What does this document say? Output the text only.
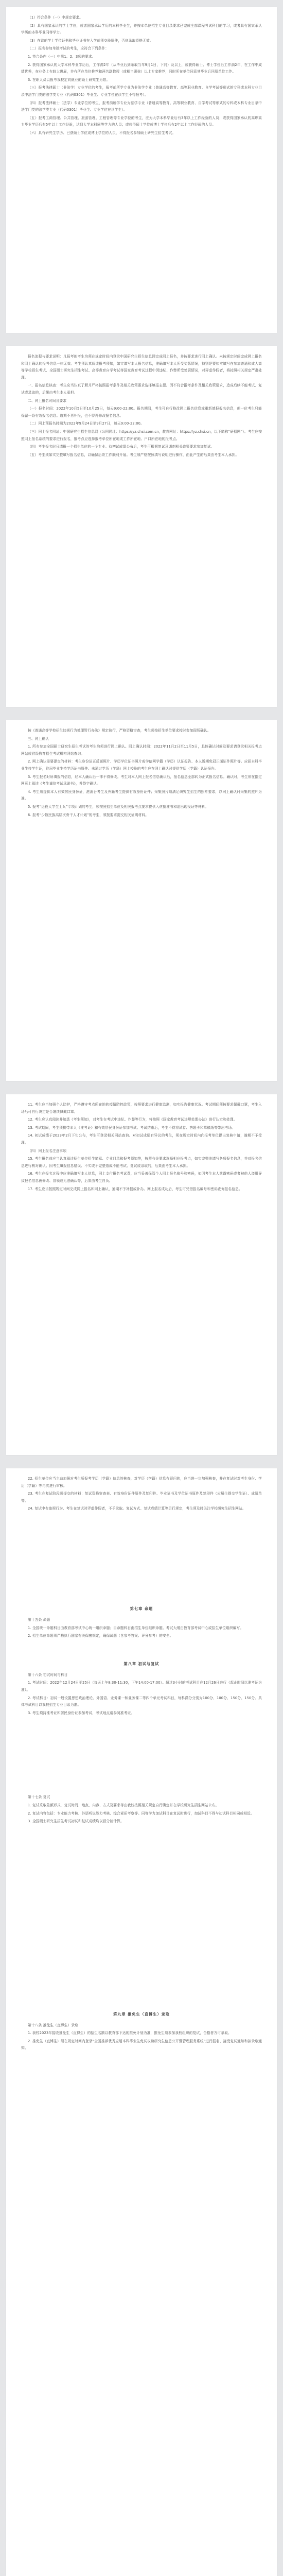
（1）符合条件（一）中规定要求。

（2）具有国家承认的学士学位，或者国家承认学历的本科毕业生，并按本单位招生专业目录要求已完成全部课程考试科目的学习，或者具有国家承认学历的本科毕业同等学力。

（3）在读的学士学位证书和毕业证书在入学前须交验原件，否则录取资格无效。

（二）报名参加单独考试的考生，应符合下列条件：

1. 符合条件（一）中第1、2、3项的要求。

2. 获得国家承认的大学本科毕业学历后，工作满2年（从毕业后到录取当年9月1日，下同）及以上，或获得硕士、博士学位后工作满2年，在工作中成绩优秀，在业务上有较大进展，并有所在单位推荐和两名副教授（或相当职称）以上专家推荐，同时所在单位同意其毕业后回原单位工作。

3. 在职人员以报考我校定向就业的硕士研究生为限。

（三）报考法律硕士（非法学）专业学位的考生，报考前所学专业为非法学专业（普通高等教育、高等职业教育、自学考试等形式的专科或本科专业目录中法学门类的法学类专业（代码0301）毕业生、专业学位在读学生不得报考）。

（四）报考法律硕士（法学）专业学位的考生，报考前所学专业为法学专业（普通高等教育、高等职业教育、自学考试等形式的专科或本科专业目录中法学门类的法学类专业（代码0301）毕业生、专业学位在读学生）。

（五）报考工商管理、公共管理、旅游管理、工程管理等专业学位的考生，应为大学本科毕业后有3年以上工作经验的人员；或获得国家承认的高职高专毕业学历后有5年以上工作经验，达到大学本科同等学力的人员；或获得硕士学位或博士学位后有2年以上工作经验的人员。

（六）具有研究生学历、已获硕士学位或博士学位的人员，不得报名参加硕士研究生招生考试。

报名流程与要求说明：凡报考的考生均须在规定时间内登录中国研究生招生信息网完成网上报名，并按要求进行网上确认。未按规定时间完成网上报名和网上确认的报考信息一律无效。考生须认真阅读报考须知，如实填写本人报名信息，准确填写本人所受奖惩情况，特别是要如实填写在参加普通和成人高等学校招生考试、全国硕士研究生招生考试、高等教育自学考试等国家教育考试过程中因违纪、作弊所受处罚情况，对弄虚作假者，将按照相关规定严肃处理。

一、报名信息核查：考生应当认真了解并严格按照报考条件及相关政策要求选择填报志愿。因不符合报考条件及相关政策要求，造成后续不能考试、复试或录取的，后果由考生本人承担。

二、网上报名时间及要求

（一）报名时间：2022年10月5日至10月25日，每天9:00-22:00。报名期间，考生可自行修改网上报名信息或重新填报报名信息，但一位考生只能保留一条有效报名信息。逾期不再补报，也不得再修改报名信息。

（二）网上预报名时间为2022年9月24日至9月27日，每天9:00-22:00。

（三）网上报名网址：中国研究生招生信息网（公网网址：https://yz.chsi.com.cn，教育网址：https://yz.chsi.cn，以下简称“研招网”）。考生应按照网上报名系统的要求进行报名，报考点应选择报考单位所在地或工作所在地、户口所在地的报考点。

（四）考生报名时只填报一个招生单位的一个专业。待初试成绩公布后，考生可根据复试及调剂相关政策要求参加复试。

（五）考生须如实完整填写报名信息，以确保后续工作顺利开展。考生须严格按照填写说明进行操作，由此产生的后果由考生本人承担。

按《普通高等学校招生违规行为处理暂行办法》规定执行，严格资格审查，考生须按招生单位要求按时参加现场确认。

三、网上确认

1. 所有参加全国硕士研究生招生考试的考生均须进行网上确认。网上确认时间：2022年11月2日至11月5日，具体确认时间及要求请登录相关报考点网站或省级教育招生考试机构网站查询。

2. 网上确认需要提交的材料：考生身份证正反面照片、学历学位证书照片或学信网学籍（学历）认证报告、本人近期免冠正面证件照片等。应届本科毕业生持学生证，往届毕业生持学历证书原件。未通过学历（学籍）网上校验的考生应在网上确认时提供学历（学籍）认证报告。

3. 考生报名时所填报的信息，经本人确认后一律不得修改。考生对本人网上报名信息确认后，报名信息全部转为正式报名信息。确认时，考生须在指定网页上阅读《考生诚信考试承诺书》，并签字确认。

4. 考生须提供本人有效居民身份证，港澳台考生及外籍考生提供有效身份证件；采集照片须满足研究生招生的照片要求，以网上确认时采集的照片为准。

5. 报考“退役大学生士兵”专项计划的考生，须按照招生单位及相关报考点要求提供入伍批准书和退出现役证等材料。

6. 报考“少数民族高层次骨干人才计划”的考生，须按要求提交相关证明材料。

11. 考生应当加强个人防护，严格遵守考点所在地的疫情防控政策，按照要求进行健康监测，如实报告健康状况。考试期间须按要求佩戴口罩，考生入场后可自行决定是否继续佩戴口罩。

12. 考生应认真阅读并知悉《考生须知》，对考生在考试中违纪、作弊等行为，将按照《国家教育考试违规处理办法》进行认定和处理。

13. 考试期间，考生须携带本人《准考证》和有效居民身份证参加考试。考试结束后，考生不得将试卷、答题卡和草稿纸等带出考场。

14. 初试成绩于2023年2月下旬公布，考生可登录相关网站查询。对初试成绩有异议的考生，须在规定时间内向报考单位提出复核申请，逾期不予受理。

（四）网上报名注意事项

15. 考生报名前应当认真阅读招生单位招生简章、专业目录和报考须知等，按照有关要求选择相应报考点，如实完整地填写各项报名信息，并对报名信息进行核对确认。因考生填报信息错误、不实或不完整造成不能考试、复试或录取的，后果由考生本人承担。

16. 考生在报名过程中应准确填写本人信息，网上支付报名考试费，应当妥善保管个人网上报名账号和密码，如因考生本人泄露密码或者被他人盗用导致报名信息被修改、冒领或无法确认等，后果由考生自负。

17. 考生应当按照规定时间完成网上报名和网上确认，逾期不予补报或补办。网上报名成功后，考生可凭借报名编号和密码查询报名信息。

22. 招生单位应当主动加强对考生所报考学历（学籍）信息的核查，对学历（学籍）信息有疑问的，应当进一步加强核查，并在复试时对考生身份、学历（学籍）等再次进行审核。

23. 考生在复试阶段须提交的材料：复试资格审查表、有效身份证件原件及复印件、毕业证书及学位证书原件及复印件（应届生提交学生证）、成绩单等。

24. 复试中有违规行为、考生在复试时弄虚作假者，不予录取。复试方式、复试成绩计算等另行规定，考生须及时关注学校研究生招生网站。

第七章 命题

第十五条 命题

1. 全国统一命题科目由教育部考试中心统一组织命题；自命题科目由招生单位组织命题。考试大纲由教育部考试中心或招生单位组织编写。

2. 招生单位命题须严格执行国家有关保密规定，确保试题（含参考答案、评分参考）的安全。

第八章 初试与复试

第十六条 初试时间与科目

1. 考试时间：2022年12月24日至25日（每天上午8:30-11:30，下午14:00-17:00）。超过3小时的考试科目在12月26日进行（起止时间以准考证为准）。

2. 考试科目：初试一般设置思想政治理论、外国语、业务课一和业务课二等四个单元考试科目，每科满分分别为100分、100分、150分、150分。具体考试科目以我校招生专业目录为准。

3. 考生须持准考证和居民身份证参加考试，考试地点请参阅准考证。

第十七条 复试

1. 复试采取差额形式，复试时间、地点、内容、方式及要求等由我校按照相关规定自行确定并在学校研究生招生网站公布。

2. 复试内容包括：专业能力考核、外语听说能力考核、综合素质考察等。同等学力加试科目在复试时进行，加试科目不得与初试科目相同或相近。

3. 全国硕士研究生招生考试初试和复试成绩均以百分制计算。

第九章 推免生（直博生）录取

第十八条 推免生（直博生）录取

1. 我校2023年接收推免生（直博生）的招生名额以教育部下达的推免计划为准，推免生须参加我校组织的复试，合格者方可录取。

2. 推免生（直博生）须在规定时间内登录“全国推荐优秀应届本科毕业生免试攻读研究生信息公开暨管理服务系统”进行报名、接受复试通知和拟录取通知。
